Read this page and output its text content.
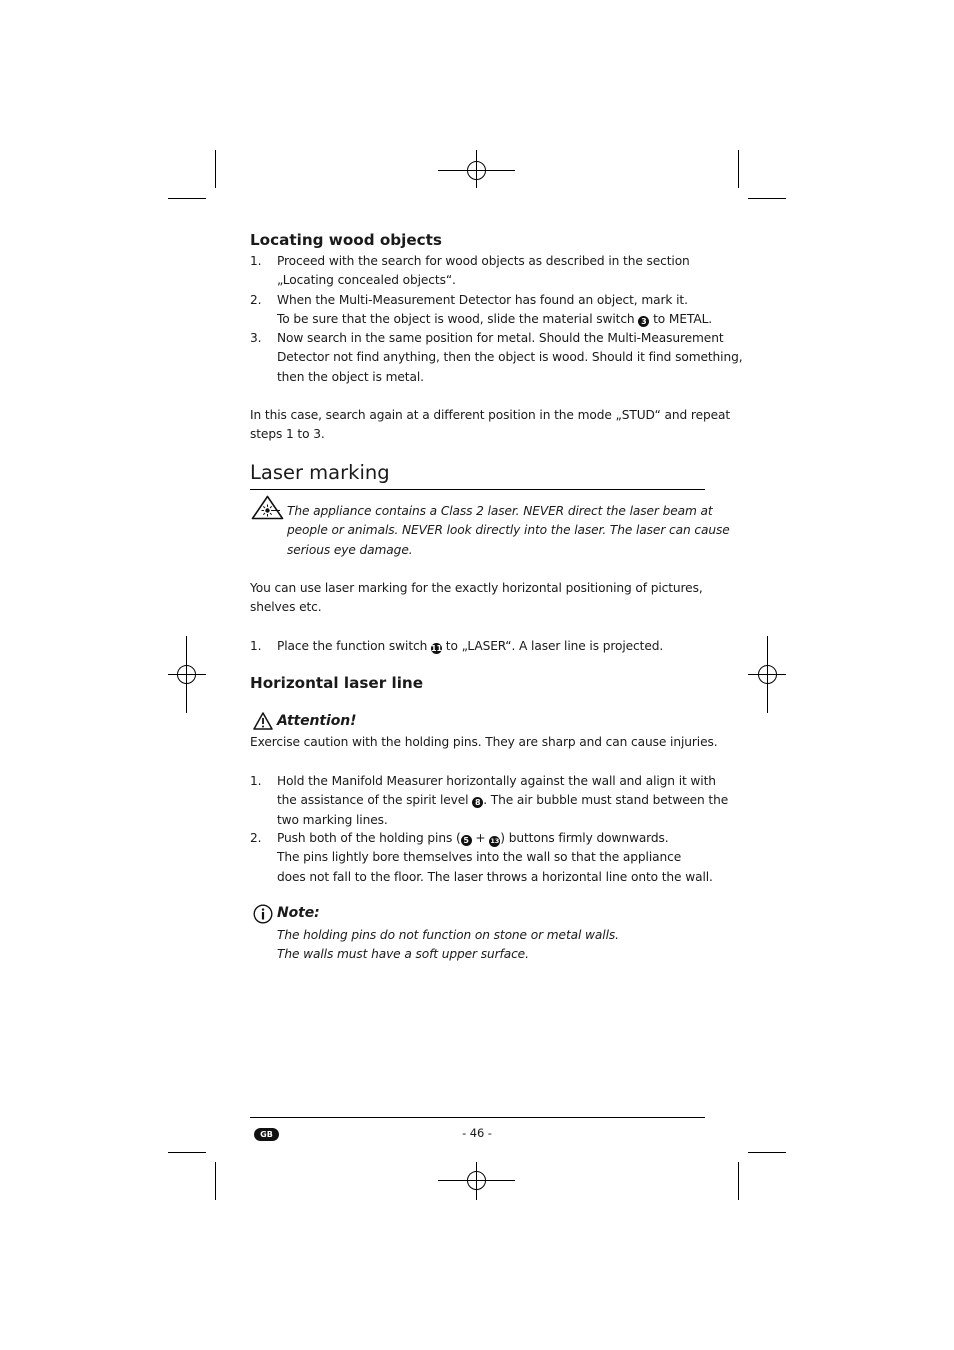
Locating wood objects
1. Proceed with the search for wood objects as described in the section
„Locating concealed objects“.
2. When the Multi-Measurement Detector has found an object, mark it.
To be sure that the object is wood, slide the material switch 3 to METAL.
3. Now search in the same position for metal. Should the Multi-Measurement
Detector not find anything, then the object is wood. Should it find something,
then the object is metal.
In this case, search again at a different position in the mode „STUD“ and repeat
steps 1 to 3.
Laser marking
The appliance contains a Class 2 laser. NEVER direct the laser beam at
people or animals. NEVER look directly into the laser. The laser can cause
serious eye damage.
You can use laser marking for the exactly horizontal positioning of pictures,
shelves etc.
1. Place the function switch 11 to „LASER“. A laser line is projected.
Horizontal laser line
Attention!
Exercise caution with the holding pins. They are sharp and can cause injuries.
1. Hold the Manifold Measurer horizontally against the wall and align it with
the assistance of the spirit level 8 . The air bubble must stand between the
two marking lines.
2. Push both of the holding pins ( 5 + 13) buttons firmly downwards.
The pins lightly bore themselves into the wall so that the appliance
does not fall to the floor. The laser throws a horizontal line onto the wall.
Note:
The holding pins do not function on stone or metal walls.
The walls must have a soft upper surface.
GB	- 46 -
